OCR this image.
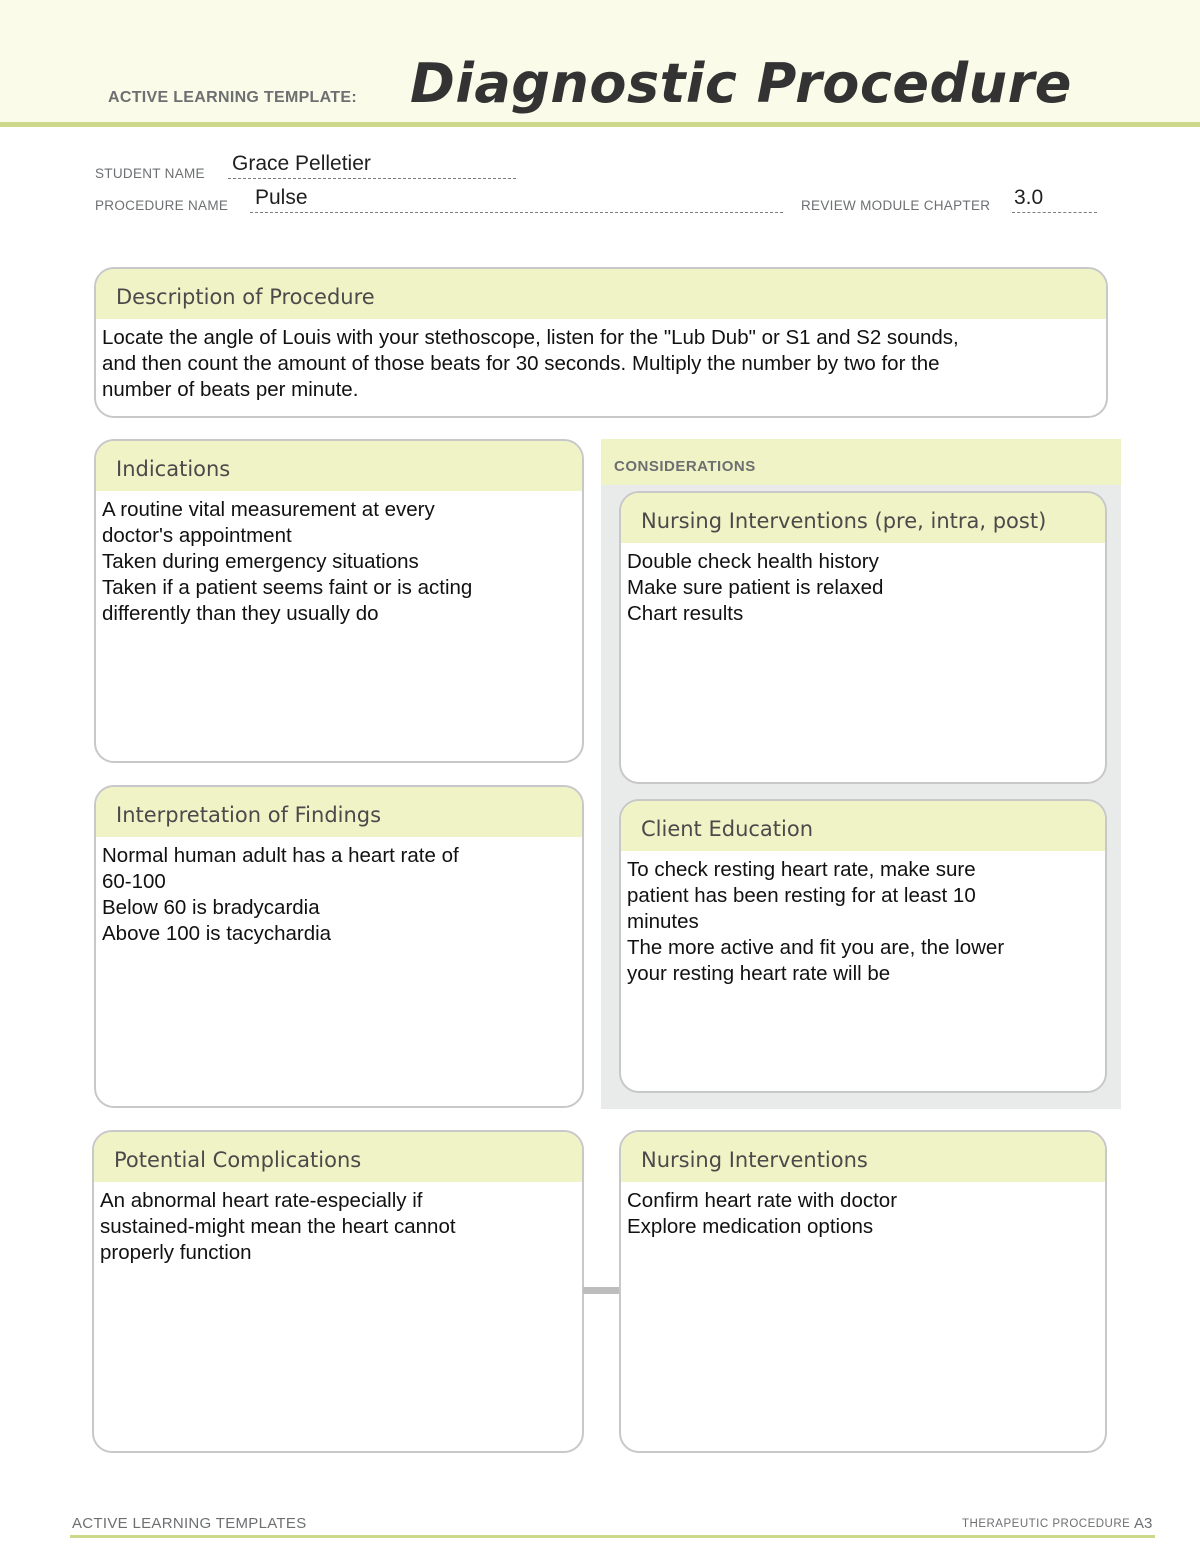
ACTIVE LEARNING TEMPLATE: Diagnostic Procedure
STUDENT NAME Grace Pelletier
PROCEDURE NAME Pulse	REVIEW MODULE CHAPTER 3.0
Description of Procedure
Locate the angle of Louis with your stethoscope, listen for the "Lub Dub" or S1 and S2 sounds,
and then count the amount of those beats for 30 seconds. Multiply the number by two for the
number of beats per minute.
CONSIDERATIONS
Indications
A routine vital measurement at every
doctor's appointment
Taken during emergency situations
Taken if a patient seems faint or is acting
differently than they usually do
Nursing Interventions (pre, intra, post)
Double check health history
Make sure patient is relaxed
Chart results
Interpretation of Findings
Normal human adult has a heart rate of
60-100
Below 60 is bradycardia
Above 100 is tacychardia
Client Education
To check resting heart rate, make sure
patient has been resting for at least 10
minutes
The more active and fit you are, the lower
your resting heart rate will be
Potential Complications
An abnormal heart rate-especially if
sustained-might mean the heart cannot
properly function
Nursing Interventions
Confirm heart rate with doctor
Explore medication options
ACTIVE LEARNING TEMPLATES	THERAPEUTIC PROCEDURE A3
